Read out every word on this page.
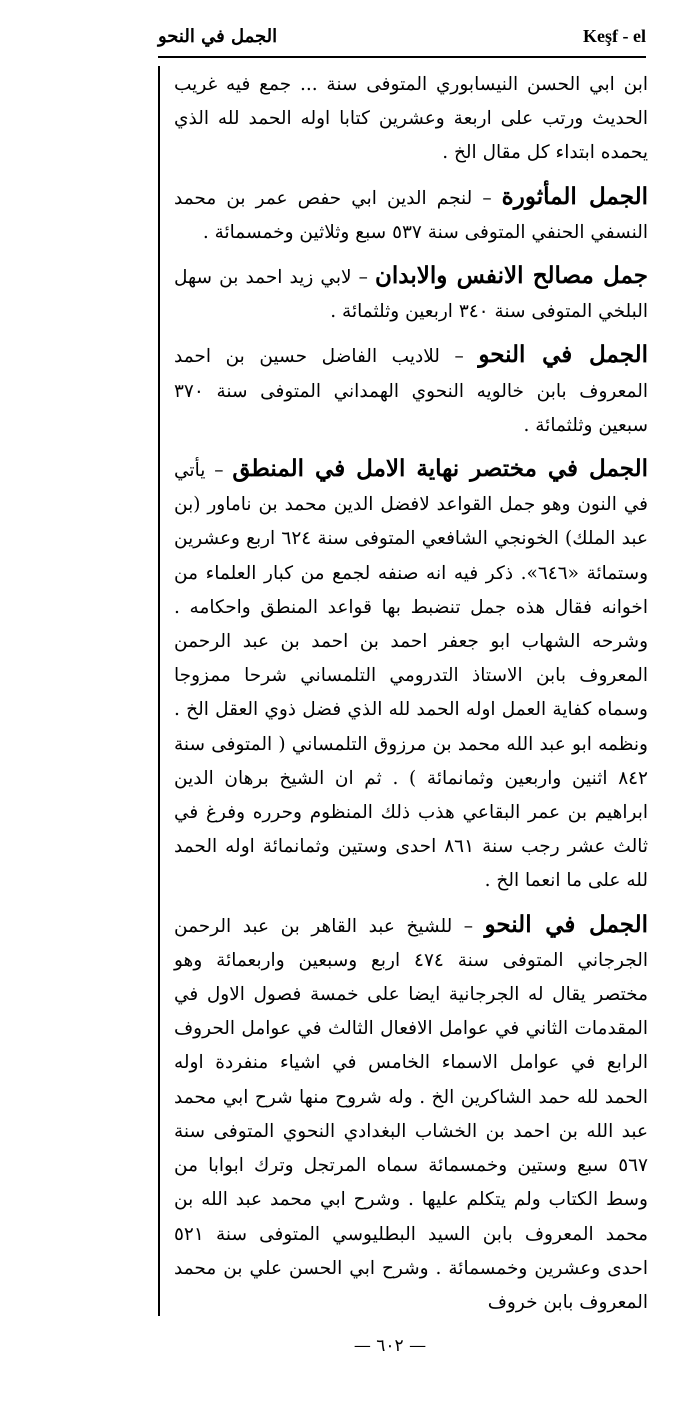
الجمل في النحو	Keşf - el

ابن ابي الحسن النيسابوري المتوفى سنة ... جمع فيه غريب الحديث ورتب على اربعة وعشرين كتابا اوله الحمد لله الذي يحمده ابتداء كل مقال الخ .

الجمل المأثورة – لنجم الدين ابي حفص عمر بن محمد النسفي الحنفي المتوفى سنة ٥٣٧ سبع وثلاثين وخمسمائة .

جمل مصالح الانفس والابدان – لابي زيد احمد بن سهل البلخي المتوفى سنة ٣٤٠ اربعين وثلثمائة .

الجمل في النحو – للاديب الفاضل حسين بن احمد المعروف بابن خالويه النحوي الهمداني المتوفى سنة ٣٧٠ سبعين وثلثمائة .

الجمل في مختصر نهاية الامل في المنطق – يأتي في النون وهو جمل القواعد لافضل الدين محمد بن ناماور (بن عبد الملك) الخونجي الشافعي المتوفى سنة ٦٢٤ اربع وعشرين وستمائة «٦٤٦». ذكر فيه انه صنفه لجمع من كبار العلماء من اخوانه فقال هذه جمل تنضبط بها قواعد المنطق واحكامه . وشرحه الشهاب ابو جعفر احمد بن احمد بن عبد الرحمن المعروف بابن الاستاذ التدرومي التلمساني شرحا ممزوجا وسماه كفاية العمل اوله الحمد لله الذي فضل ذوي العقل الخ . ونظمه ابو عبد الله محمد بن مرزوق التلمساني ( المتوفى سنة ٨٤٢ اثنين واربعين وثمانمائة ) . ثم ان الشيخ برهان الدين ابراهيم بن عمر البقاعي هذب ذلك المنظوم وحرره وفرغ في ثالث عشر رجب سنة ٨٦١ احدى وستين وثمانمائة اوله الحمد لله على ما انعما الخ .

الجمل في النحو – للشيخ عبد القاهر بن عبد الرحمن الجرجاني المتوفى سنة ٤٧٤ اربع وسبعين واربعمائة وهو مختصر يقال له الجرجانية ايضا على خمسة فصول الاول في المقدمات الثاني في عوامل الافعال الثالث في عوامل الحروف الرابع في عوامل الاسماء الخامس في اشياء منفردة اوله الحمد لله حمد الشاكرين الخ . وله شروح منها شرح ابي محمد عبد الله بن احمد بن الخشاب البغدادي النحوي المتوفى سنة ٥٦٧ سبع وستين وخمسمائة سماه المرتجل وترك ابوابا من وسط الكتاب ولم يتكلم عليها . وشرح ابي محمد عبد الله بن محمد المعروف بابن السيد البطليوسي المتوفى سنة ٥٢١ احدى وعشرين وخمسمائة . وشرح ابي الحسن علي بن محمد المعروف بابن خروف

— ٦٠٢ —
